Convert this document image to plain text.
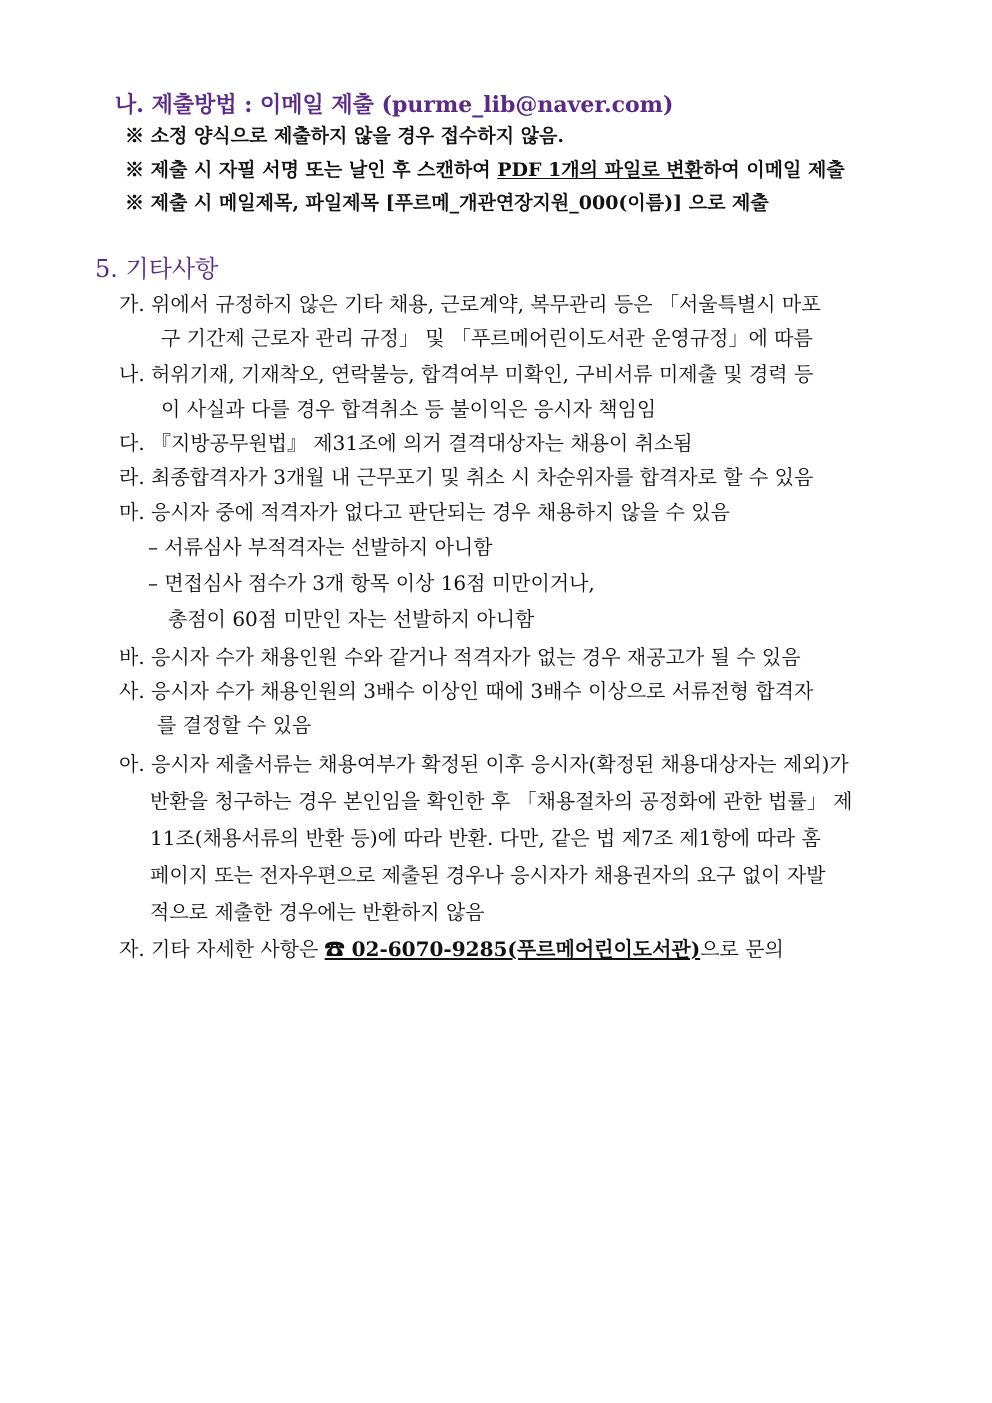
나. 제출방법 : 이메일 제출 (purme_lib@naver.com)
※ 소정 양식으로 제출하지 않을 경우 접수하지 않음.
※ 제출 시 자필 서명 또는 날인 후 스캔하여 PDF 1개의 파일로 변환하여 이메일 제출
※ 제출 시 메일제목, 파일제목 [푸르메_개관연장지원_000(이름)] 으로 제출
5. 기타사항
가. 위에서 규정하지 않은 기타 채용, 근로계약, 복무관리 등은 「서울특별시 마포
구 기간제 근로자 관리 규정」 및 「푸르메어린이도서관 운영규정」에 따름
나. 허위기재, 기재착오, 연락불능, 합격여부 미확인, 구비서류 미제출 및 경력 등
이 사실과 다를 경우 합격취소 등 불이익은 응시자 책임임
다. 『지방공무원법』 제31조에 의거 결격대상자는 채용이 취소됨
라. 최종합격자가 3개월 내 근무포기 및 취소 시 차순위자를 합격자로 할 수 있음
마. 응시자 중에 적격자가 없다고 판단되는 경우 채용하지 않을 수 있음
– 서류심사 부적격자는 선발하지 아니함
– 면접심사 점수가 3개 항목 이상 16점 미만이거나,
총점이 60점 미만인 자는 선발하지 아니함
바. 응시자 수가 채용인원 수와 같거나 적격자가 없는 경우 재공고가 될 수 있음
사. 응시자 수가 채용인원의 3배수 이상인 때에 3배수 이상으로 서류전형 합격자
를 결정할 수 있음
아. 응시자 제출서류는 채용여부가 확정된 이후 응시자(확정된 채용대상자는 제외)가
반환을 청구하는 경우 본인임을 확인한 후 「채용절차의 공정화에 관한 법률」 제
11조(채용서류의 반환 등)에 따라 반환. 다만, 같은 법 제7조 제1항에 따라 홈
페이지 또는 전자우편으로 제출된 경우나 응시자가 채용권자의 요구 없이 자발
적으로 제출한 경우에는 반환하지 않음
자. 기타 자세한 사항은 ☎ 02-6070-9285(푸르메어린이도서관)으로 문의
